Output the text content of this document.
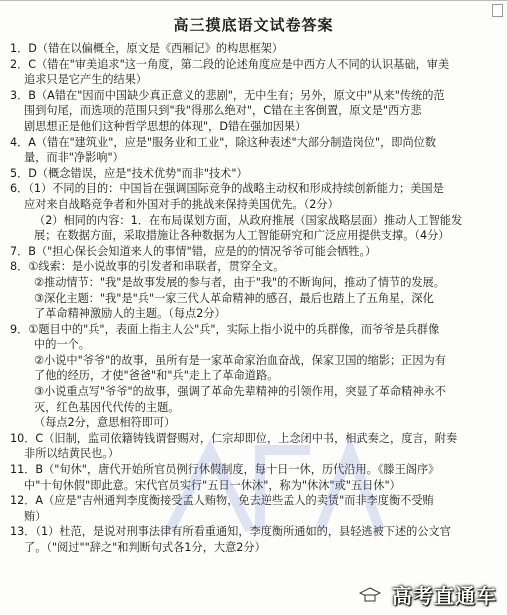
高三摸底语文试卷答案
1．D（错在以偏概全，原文是《西厢记》的构思框架）
2．C（错在"审美追求"这一角度，第二段的论述角度应是中西方人不同的认识基础，审美
追求只是它产生的结果）
3．B（A错在"因而中国缺少真正意义的悲剧"，无中生有；另外，原文中"从来"传统的范
围到句尾，而选项的范围只到"我"得那么绝对"，C错在主客倒置，原文是"西方悲
剧思想正是他们这种哲学思想的体现"，D错在强加因果）
4．A（错在"建筑业"，应是"服务业和工业"，除这种表述"大部分制造岗位"，即尚位数
量，而非"净影响"）
5．D（概念错误，应是"技术优势"而非"技术"）
6．（1）不同的目的：中国旨在强调国际竞争的战略主动权和形成持续创新能力；美国是
应对来自战略竞争者和外国对手的挑战来保持美国优先。（2分）
（2）相同的内容：1．在布局谋划方面，从政府推展（国家战略层面）推动人工智能发
展；在数据方面，采取措施让各种数据为人工智能研究和广泛应用提供支撑。（4分）
7．B（"担心保长会知道来人的事情"错，应是的的情况爷爷可能会牺牲。）
8．①线索：是小说故事的引发者和串联者，贯穿全文。
②推动情节："我"是故事发展的参与者，由于"我"的不断询问，推动了情节的发展。
③深化主题："我"是"兵"一家三代人革命精神的感召，最后也踏上了五角星，深化
了革命精神激励人的主题。（每点2分）
9．①题目中的"兵"，表面上指主人公"兵"，实际上指小说中的兵群像，而爷爷是兵群像
中的一个。
②小说中"爷爷"的故事，虽所有是一家革命家治血奋战，保家卫国的缩影；正因为有
了他的经历，才使"爸爸"和"兵"走上了革命道路。
③小说重点写"爷爷"的故事，强调了革命先辈精神的引领作用，突显了革命精神永不
灭，红色基因代代传的主题。
（每点2分，意思相符即可）
10．C（旧制，监司依籍铸钱谓督赐对，仁宗却即位，上念闭中书，相武奏之，度言，附奏
非所以结黄民也。）
11．B（"旬休"，唐代开始所官员例行休假制度，每十日一休，历代沿用。《滕王阁序》
中"十旬休假"即此意。宋代官员实行"五日一休沐"，称为"休沐"或"五日休"）
12．A（应是"吉州通判李度衡接受孟人贿物，免去逆些孟人的卖赁"而非李度衡不受贿
贿）
13．（1）杜范，是说对刑事法律有所看重通知，李度衡所通如的，县轻逃被下述的公文官
了。（"阅过""辞之"和判断句式各1分，大意2分）
高考直通车
